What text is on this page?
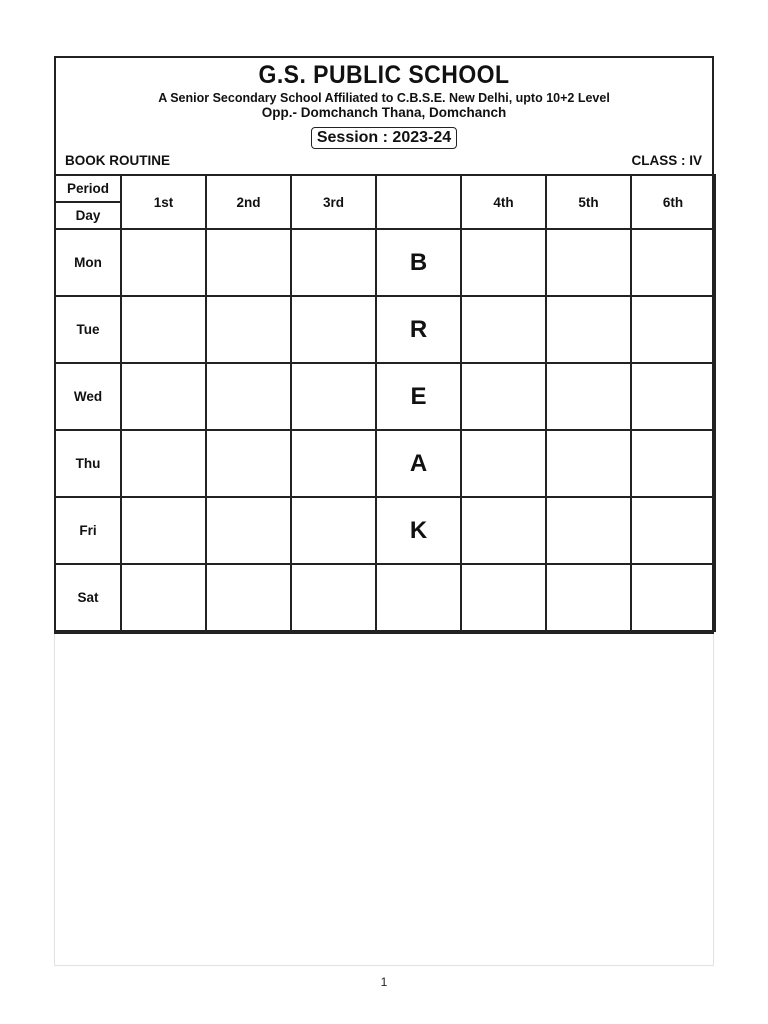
G.S. PUBLIC SCHOOL
A Senior Secondary School Affiliated to C.B.S.E. New Delhi, upto 10+2 Level
Opp.- Domchanch Thana, Domchanch
Session : 2023-24
BOOK ROUTINE	CLASS : IV
Period
Day	1st	2nd	3rd		4th	5th	6th
Mon				B			
Tue				R			
Wed				E			
Thu				A			
Fri				K			
Sat							
1
